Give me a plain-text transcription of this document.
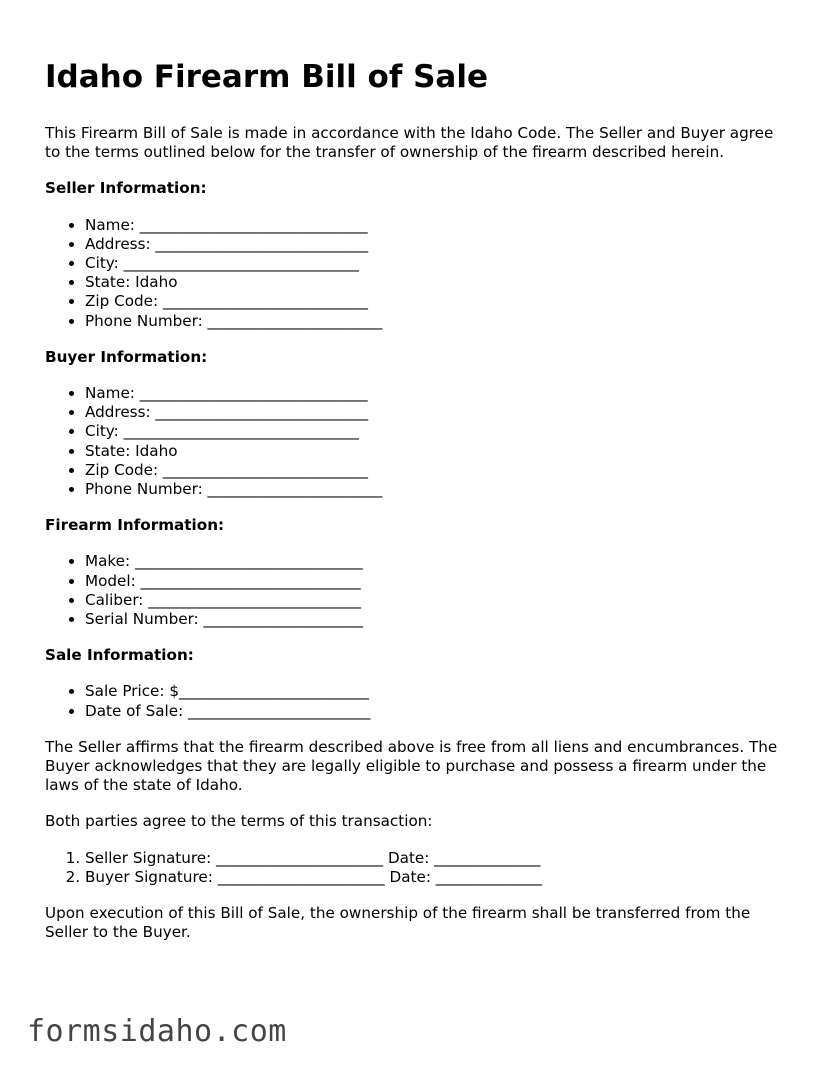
Idaho Firearm Bill of Sale

This Firearm Bill of Sale is made in accordance with the Idaho Code. The Seller and Buyer agree to the terms outlined below for the transfer of ownership of the firearm described herein.

Seller Information:
• Name: ______________________________
• Address: ____________________________
• City: _______________________________
• State: Idaho
• Zip Code: ___________________________
• Phone Number: _______________________
Buyer Information:
• Name: ______________________________
• Address: ____________________________
• City: _______________________________
• State: Idaho
• Zip Code: ___________________________
• Phone Number: _______________________
Firearm Information:
• Make: ______________________________
• Model: _____________________________
• Caliber: ____________________________
• Serial Number: _____________________
Sale Information:
• Sale Price: $_________________________
• Date of Sale: ________________________

The Seller affirms that the firearm described above is free from all liens and encumbrances. The Buyer acknowledges that they are legally eligible to purchase and possess a firearm under the laws of the state of Idaho.

Both parties agree to the terms of this transaction:

1. Seller Signature: ______________________ Date: ______________
2. Buyer Signature: ______________________ Date: ______________

Upon execution of this Bill of Sale, the ownership of the firearm shall be transferred from the Seller to the Buyer.

formsidaho.com
